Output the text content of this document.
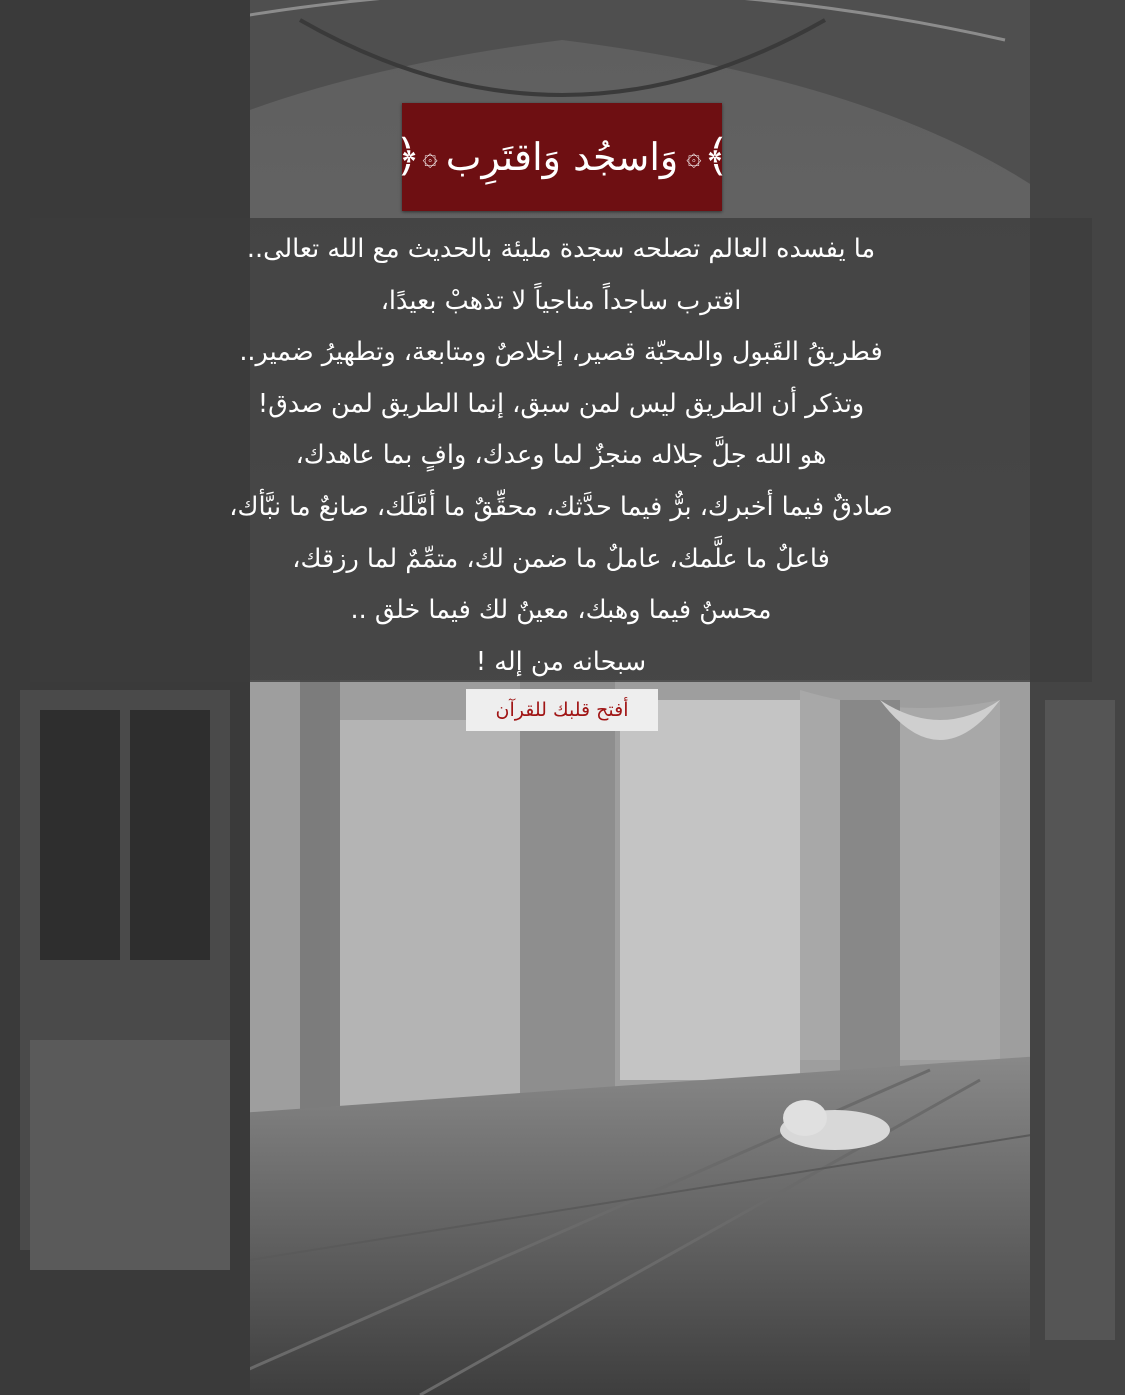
﴿ ۞ وَاسجُد وَاقتَرِب ۞ ﴾
ما يفسده العالم تصلحه سجدة مليئة بالحديث مع الله تعالى..
اقترب ساجداً مناجياً لا تذهبْ بعيدًا،
فطريقُ القَبول والمحبّة قصير، إخلاصٌ ومتابعة، وتطهيرُ ضمير..
وتذكر أن الطريق ليس لمن سبق، إنما الطريق لمن صدق!
هو الله جلَّ جلاله منجزٌ لما وعدك، وافٍ بما عاهدك،
صادقٌ فيما أخبرك، برٌّ فيما حدَّثك، محقِّقٌ ما أمَّلَك، صانعٌ ما نبَّأك،
فاعلٌ ما علَّمك، عاملٌ ما ضمن لك، متمِّمٌ لما رزقك،
محسنٌ فيما وهبك، معينٌ لك فيما خلق ..
سبحانه من إله !
أفتح قلبك للقرآن
